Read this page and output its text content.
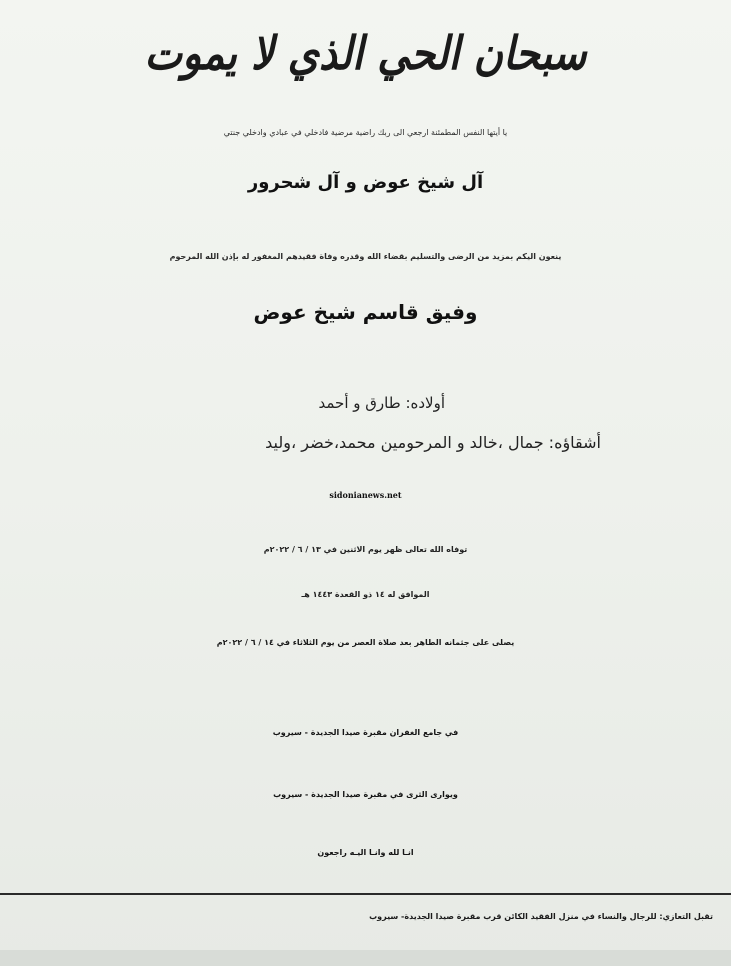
سبحان الحي الذي لا يموت
يا أيتها النفس المطمئنة ارجعي الى ربك راضية مرضية فادخلي في عبادي وادخلي جنتي
آل شيخ عوض و آل شحرور
ينعون اليكم بمزيد من الرضى والتسليم بقضاء الله وقدره وفاة فقيدهم المغفور له بإذن الله المرحوم
وفيق قاسم شيخ عوض
أولاده: طارق و أحمد
أشقاؤه: جمال ،خالد و المرحومين محمد،خضر ،وليد
sidonianews.net
توفاه الله تعالى ظهر يوم الاثنين في ١٣ / ٦ / ٢٠٢٢م
الموافق له ١٤ ذو القعدة ١٤٤٣ هـ
يصلى على جثمانه الطاهر بعد صلاة العصر من يوم الثلاثاء في ١٤ / ٦ / ٢٠٢٢م
في جامع الغفران مقبرة صيدا الجديدة - سيروب
ويوارى الثرى في مقبرة صيدا الجديدة - سيروب
انـا لله وانـا اليـه راجعون
تقبل التعازي: للرجال والنساء في منزل الفقيد الكائن قرب مقبرة صيدا الجديدة- سيروب
